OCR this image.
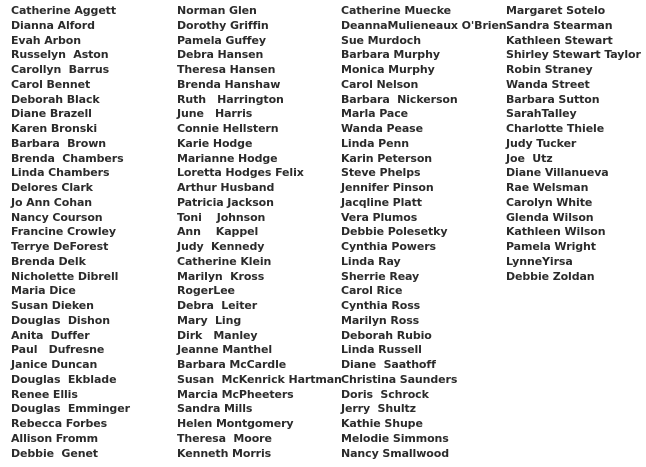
Catherine Aggett
Dianna Alford
Evah Arbon
Russelyn  Aston
Carollyn  Barrus
Carol Bennet
Deborah Black
Diane Brazell
Karen Bronski
Barbara  Brown
Brenda  Chambers
Linda Chambers
Delores Clark
Jo Ann Cohan
Nancy Courson
Francine Crowley
Terrye DeForest
Brenda Delk
Nicholette Dibrell
Maria Dice
Susan Dieken
Douglas  Dishon
Anita  Duffer
Paul   Dufresne
Janice Duncan
Douglas  Ekblade
Renee Ellis
Douglas  Emminger
Rebecca Forbes
Allison Fromm
Debbie  Genet
Norman Glen
Dorothy Griffin
Pamela Guffey
Debra Hansen
Theresa Hansen
Brenda Hanshaw
Ruth   Harrington
June   Harris
Connie Hellstern
Karie Hodge
Marianne Hodge
Loretta Hodges Felix
Arthur Husband
Patricia Jackson
Toni    Johnson
Ann    Kappel
Judy  Kennedy
Catherine Klein
Marilyn  Kross
RogerLee
Debra  Leiter
Mary  Ling
Dirk   Manley
Jeanne Manthel
Barbara McCardle
Susan  McKenrick Hartman
Marcia McPheeters
Sandra Mills
Helen Montgomery
Theresa  Moore
Kenneth Morris
Catherine Muecke
DeannaMulieneaux O'Brien
Sue Murdoch
Barbara Murphy
Monica Murphy
Carol Nelson
Barbara  Nickerson
Marla Pace
Wanda Pease
Linda Penn
Karin Peterson
Steve Phelps
Jennifer Pinson
Jacqline Platt
Vera Plumos
Debbie Polesetky
Cynthia Powers
Linda Ray
Sherrie Reay
Carol Rice
Cynthia Ross
Marilyn Ross
Deborah Rubio
Linda Russell
Diane  Saathoff
Christina Saunders
Doris  Schrock
Jerry  Shultz
Kathie Shupe
Melodie Simmons
Nancy Smallwood
Margaret Sotelo
Sandra Stearman
Kathleen Stewart
Shirley Stewart Taylor
Robin Straney
Wanda Street
Barbara Sutton
SarahTalley
Charlotte Thiele
Judy Tucker
Joe  Utz
Diane Villanueva
Rae Welsman
Carolyn White
Glenda Wilson
Kathleen Wilson
Pamela Wright
LynneYirsa
Debbie Zoldan
